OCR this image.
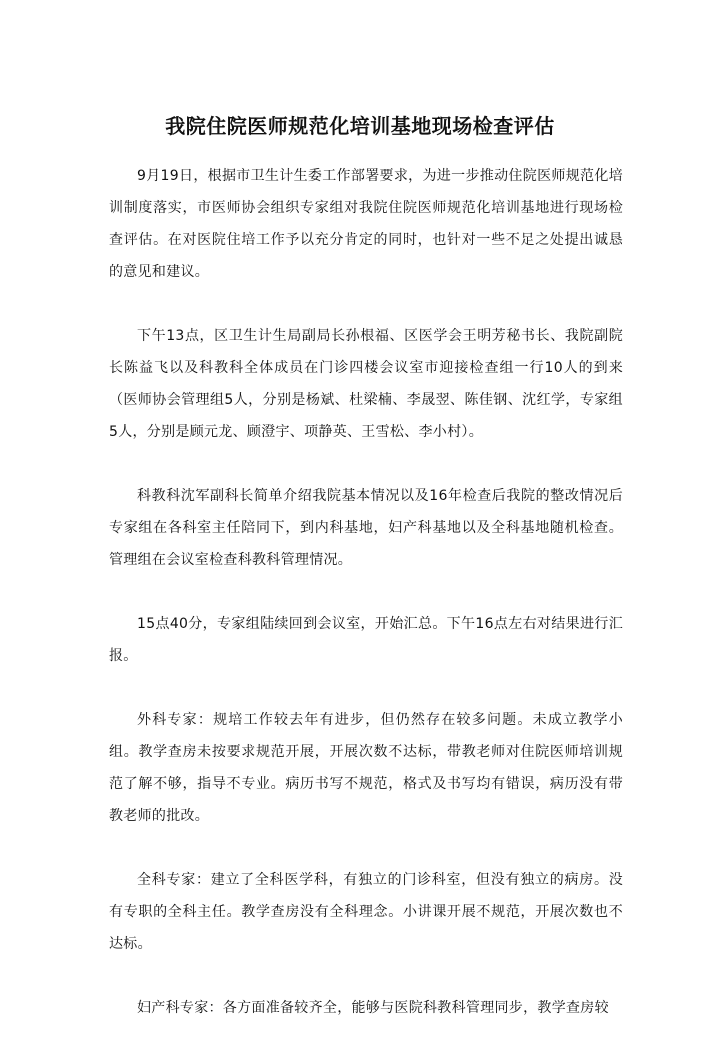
我院住院医师规范化培训基地现场检查评估

9月19日，根据市卫生计生委工作部署要求，为进一步推动住院医师规范化培训制度落实，市医师协会组织专家组对我院住院医师规范化培训基地进行现场检查评估。在对医院住培工作予以充分肯定的同时，也针对一些不足之处提出诚恳的意见和建议。

下午13点，区卫生计生局副局长孙根福、区医学会王明芳秘书长、我院副院长陈益飞以及科教科全体成员在门诊四楼会议室市迎接检查组一行10人的到来（医师协会管理组5人，分别是杨斌、杜梁楠、李晟翌、陈佳钢、沈红学，专家组5人，分别是顾元龙、顾澄宇、项静英、王雪松、李小村）。

科教科沈军副科长简单介绍我院基本情况以及16年检查后我院的整改情况后专家组在各科室主任陪同下，到内科基地，妇产科基地以及全科基地随机检查。管理组在会议室检查科教科管理情况。

15点40分，专家组陆续回到会议室，开始汇总。下午16点左右对结果进行汇报。

外科专家：规培工作较去年有进步，但仍然存在较多问题。未成立教学小组。教学查房未按要求规范开展，开展次数不达标，带教老师对住院医师培训规范了解不够，指导不专业。病历书写不规范，格式及书写均有错误，病历没有带教老师的批改。

全科专家：建立了全科医学科，有独立的门诊科室，但没有独立的病房。没有专职的全科主任。教学查房没有全科理念。小讲课开展不规范，开展次数也不达标。

妇产科专家：各方面准备较齐全，能够与医院科教科管理同步，教学查房较
